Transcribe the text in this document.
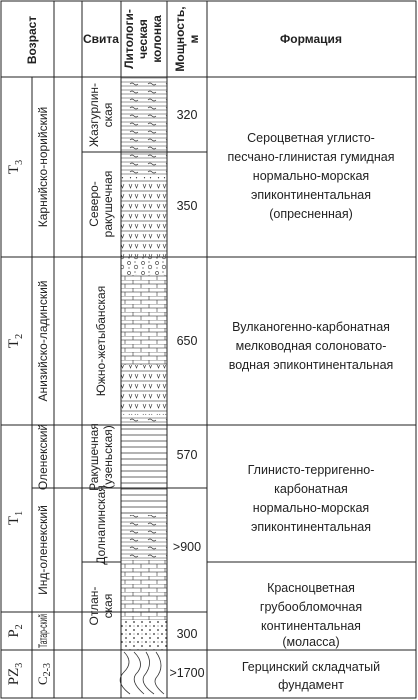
Возраст	Свита Литологи- ческая колонка Мощность, м	Формация
$T_3$
$T_2$
$T_1$
$P_2$
$PZ_3$
Карнийско-норийский
Анизийско-ладинский
Оленекский
Инд-оленекский
Татар-ский
$C_{2-3}$
Жазгурлин- ская
Северо- ракушечная
Южно-жетыбанская
Ракушечная (узеньская)
Долнапинская
Отлан- ская
320
350
650
570
>900
300
>1700
Сероцветная углисто-
песчано-глинистая гумидная
нормально-морская
эпиконтинентальная
(опресненная)
Вулканогенно-карбонатная
мелководная солоновато-
водная эпиконтинентальная
Глинисто-терригенно-
карбонатная
нормально-морская
эпиконтинентальная
Красноцветная
грубообломочная
континентальная
(моласса)
Герцинский складчатый
фундамент
